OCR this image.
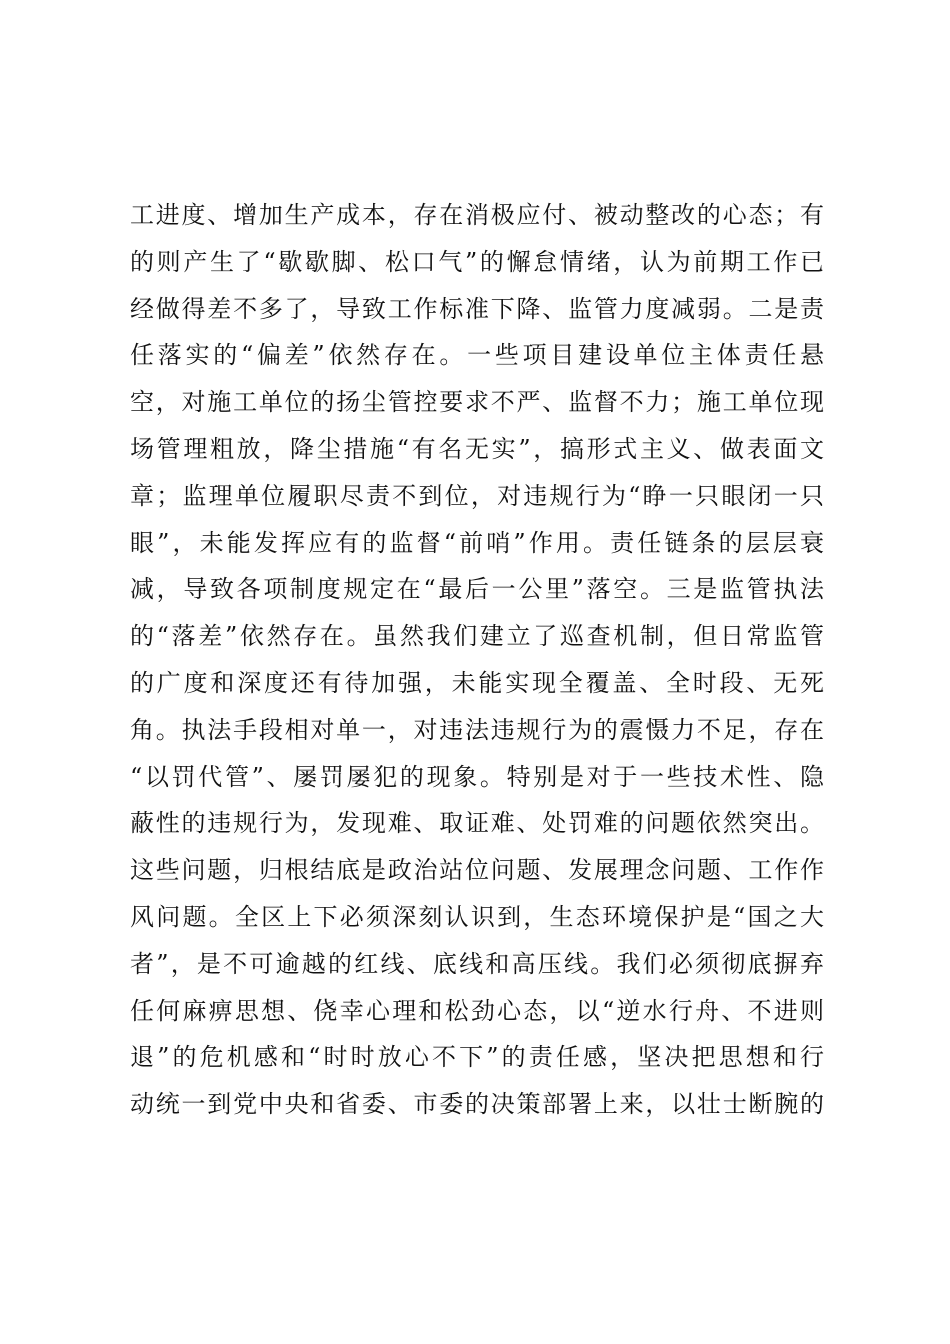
工进度、增加生产成本，存在消极应付、被动整改的心态；有
的则产生了“歇歇脚、松口气”的懈怠情绪，认为前期工作已
经做得差不多了，导致工作标准下降、监管力度减弱。二是责
任落实的“偏差”依然存在。一些项目建设单位主体责任悬
空，对施工单位的扬尘管控要求不严、监督不力；施工单位现
场管理粗放，降尘措施“有名无实”，搞形式主义、做表面文
章；监理单位履职尽责不到位，对违规行为“睁一只眼闭一只
眼”，未能发挥应有的监督“前哨”作用。责任链条的层层衰
减，导致各项制度规定在“最后一公里”落空。三是监管执法
的“落差”依然存在。虽然我们建立了巡查机制，但日常监管
的广度和深度还有待加强，未能实现全覆盖、全时段、无死
角。执法手段相对单一，对违法违规行为的震慑力不足，存在
“以罚代管”、屡罚屡犯的现象。特别是对于一些技术性、隐
蔽性的违规行为，发现难、取证难、处罚难的问题依然突出。
这些问题，归根结底是政治站位问题、发展理念问题、工作作
风问题。全区上下必须深刻认识到，生态环境保护是“国之大
者”，是不可逾越的红线、底线和高压线。我们必须彻底摒弃
任何麻痹思想、侥幸心理和松劲心态，以“逆水行舟、不进则
退”的危机感和“时时放心不下”的责任感，坚决把思想和行
动统一到党中央和省委、市委的决策部署上来，以壮士断腕的
